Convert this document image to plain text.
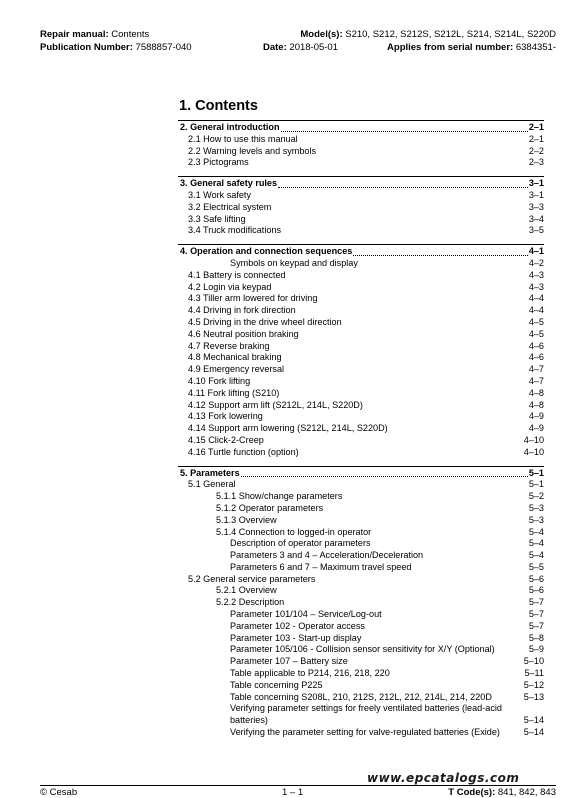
Repair manual: Contents
Publication Number: 7588857-040
Model(s): S210, S212, S212S, S212L, S214, S214L, S220D
Date: 2018-05-01	Applies from serial number: 6384351-
1. Contents
2. General introduction	2–1
2.1 How to use this manual	2–1
2.2 Warning levels and symbols	2–2
2.3 Pictograms	2–3
3. General safety rules	3–1
3.1 Work safety	3–1
3.2 Electrical system	3–3
3.3 Safe lifting	3–4
3.4 Truck modifications	3–5
4. Operation and connection sequences	4–1
Symbols on keypad and display	4–2
4.1 Battery is connected	4–3
4.2 Login via keypad	4–3
4.3 Tiller arm lowered for driving	4–4
4.4 Driving in fork direction	4–4
4.5 Driving in the drive wheel direction	4–5
4.6 Neutral position braking	4–5
4.7 Reverse braking	4–6
4.8 Mechanical braking	4–6
4.9 Emergency reversal	4–7
4.10 Fork lifting	4–7
4.11 Fork lifting (S210)	4–8
4.12 Support arm lift (S212L, 214L, S220D)	4–8
4.13 Fork lowering	4–9
4.14 Support arm lowering (S212L, 214L, S220D)	4–9
4.15 Click-2-Creep	4–10
4.16 Turtle function (option)	4–10
5. Parameters	5–1
5.1 General	5–1
5.1.1 Show/change parameters	5–2
5.1.2 Operator parameters	5–3
5.1.3 Overview	5–3
5.1.4 Connection to logged-in operator	5–4
Description of operator parameters	5–4
Parameters 3 and 4 – Acceleration/Deceleration	5–4
Parameters 6 and 7 – Maximum travel speed	5–5
5.2 General service parameters	5–6
5.2.1 Overview	5–6
5.2.2 Description	5–7
Parameter 101/104 – Service/Log-out	5–7
Parameter 102 - Operator access	5–7
Parameter 103 - Start-up display	5–8
Parameter 105/106 - Collision sensor sensitivity for X/Y (Optional)	5–9
Parameter 107 – Battery size	5–10
Table applicable to P214, 216, 218, 220	5–11
Table concerning P225	5–12
Table concerning S208L, 210, 212S, 212L, 212, 214L, 214, 220D	5–13
Verifying parameter settings for freely ventilated batteries (lead-acid batteries)	5–14
Verifying the parameter setting for valve-regulated batteries (Exide)	5–14
www.epcatalogs.com
© Cesab	1 – 1	T Code(s): 841, 842, 843
